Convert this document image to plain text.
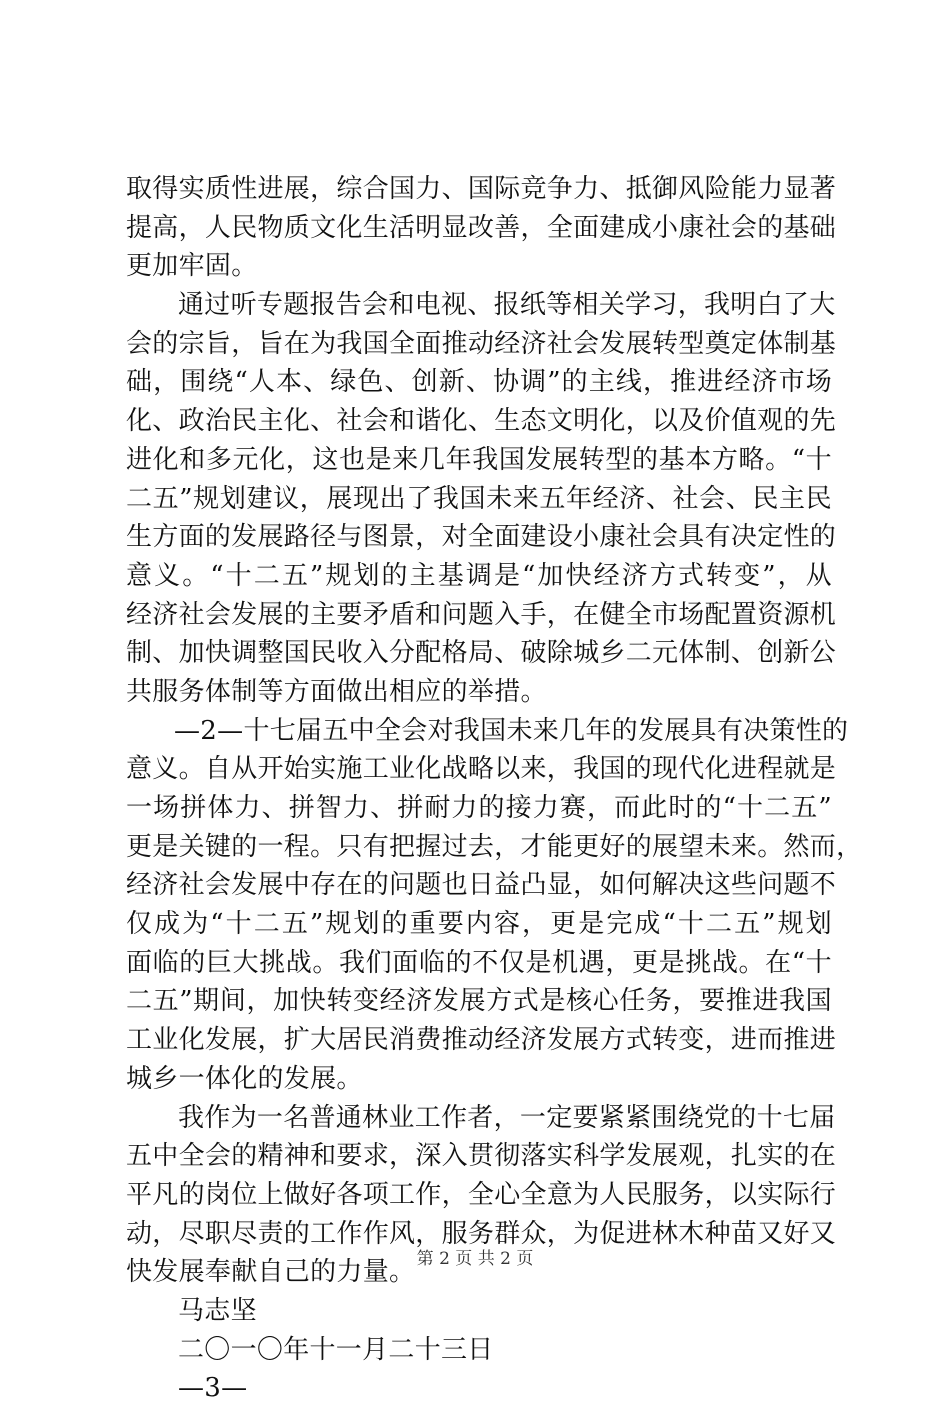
取得实质性进展，综合国力、国际竞争力、抵御风险能力显著
提高，人民物质文化生活明显改善，全面建成小康社会的基础
更加牢固。
通过听专题报告会和电视、报纸等相关学习，我明白了大
会的宗旨，旨在为我国全面推动经济社会发展转型奠定体制基
础，围绕“人本、绿色、创新、协调”的主线，推进经济市场
化、政治民主化、社会和谐化、生态文明化，以及价值观的先
进化和多元化，这也是来几年我国发展转型的基本方略。“十
二五”规划建议，展现出了我国未来五年经济、社会、民主民
生方面的发展路径与图景，对全面建设小康社会具有决定性的
意义。“十二五”规划的主基调是“加快经济方式转变”，从
经济社会发展的主要矛盾和问题入手，在健全市场配置资源机
制、加快调整国民收入分配格局、破除城乡二元体制、创新公
共服务体制等方面做出相应的举措。
—2—十七届五中全会对我国未来几年的发展具有决策性的
意义。自从开始实施工业化战略以来，我国的现代化进程就是
一场拼体力、拼智力、拼耐力的接力赛，而此时的“十二五”
更是关键的一程。只有把握过去，才能更好的展望未来。然而，
经济社会发展中存在的问题也日益凸显，如何解决这些问题不
仅成为“十二五”规划的重要内容，更是完成“十二五”规划
面临的巨大挑战。我们面临的不仅是机遇，更是挑战。在“十
二五”期间，加快转变经济发展方式是核心任务，要推进我国
工业化发展，扩大居民消费推动经济发展方式转变，进而推进
城乡一体化的发展。
我作为一名普通林业工作者，一定要紧紧围绕党的十七届
五中全会的精神和要求，深入贯彻落实科学发展观，扎实的在
平凡的岗位上做好各项工作，全心全意为人民服务，以实际行
动，尽职尽责的工作作风，服务群众，为促进林木种苗又好又
快发展奉献自己的力量。
马志坚
二〇一〇年十一月二十三日
—3—
第 2 页 共 2 页
